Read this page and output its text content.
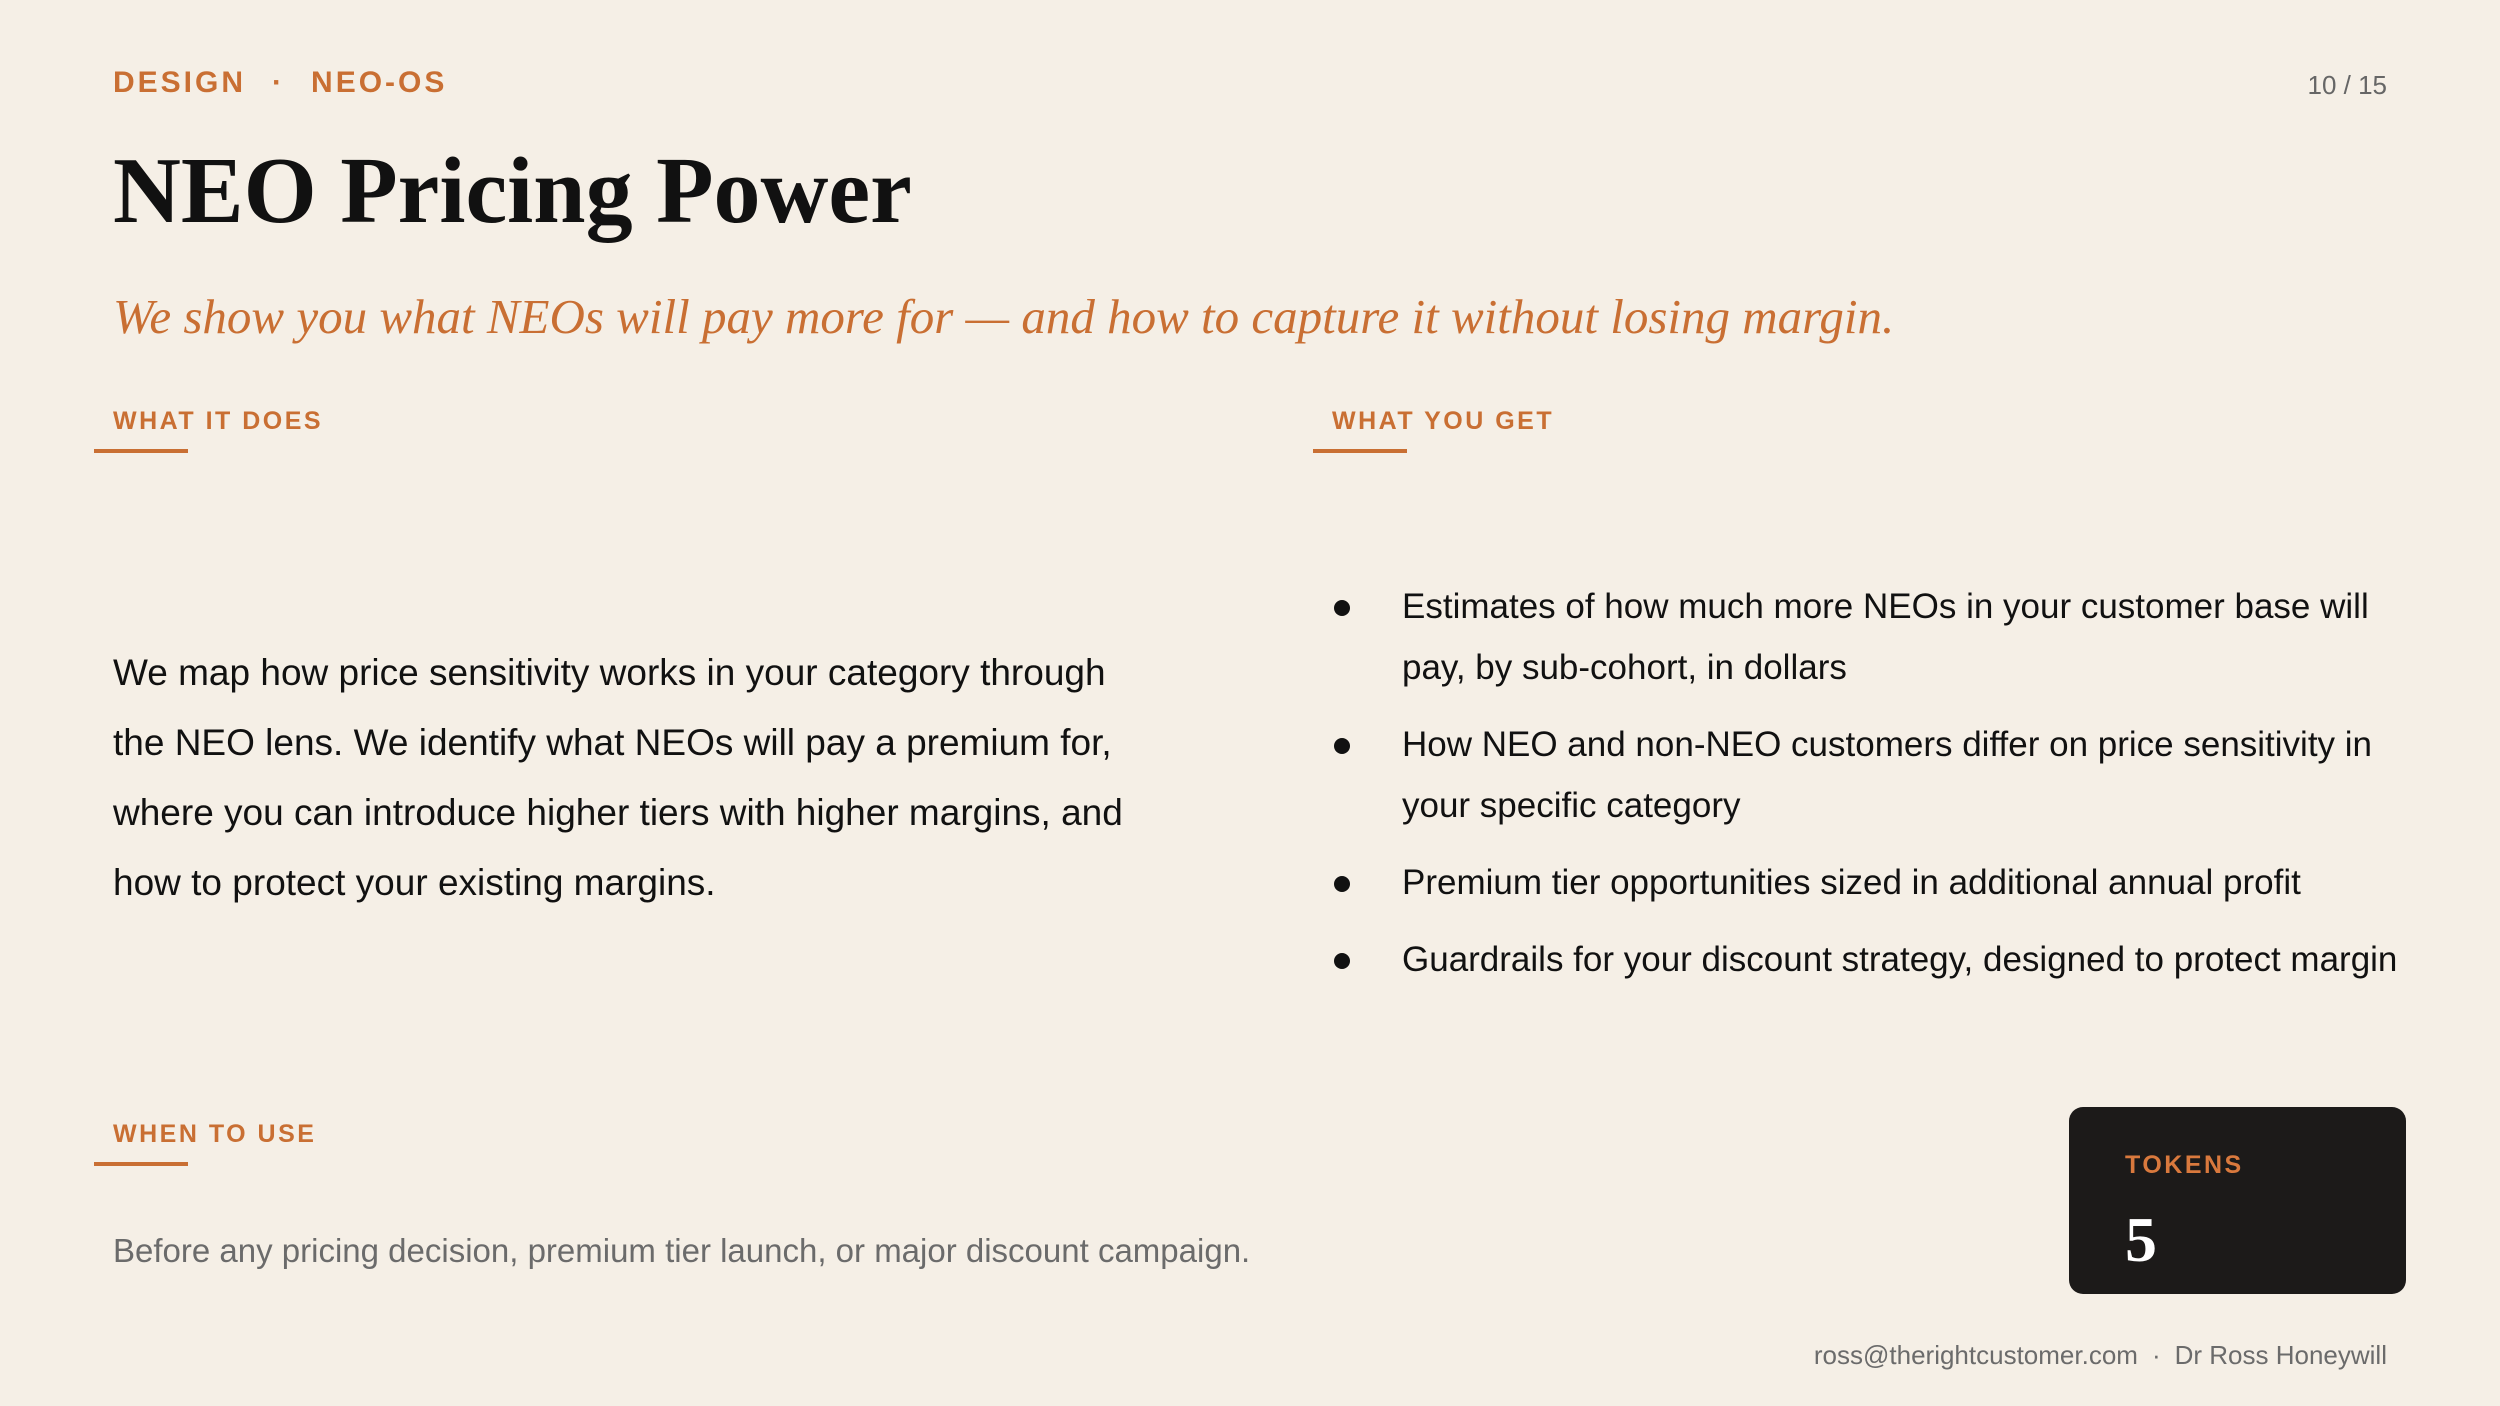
DESIGN · NEO-OS	10 / 15
NEO Pricing Power
We show you what NEOs will pay more for — and how to capture it without losing margin.
WHAT IT DOES

We map how price sensitivity works in your category through the NEO lens. We identify what NEOs will pay a premium for, where you can introduce higher tiers with higher margins, and how to protect your existing margins.

WHAT YOU GET
Estimates of how much more NEOs in your customer base will pay, by sub-cohort, in dollars
How NEO and non-NEO customers differ on price sensitivity in your specific category
Premium tier opportunities sized in additional annual profit
Guardrails for your discount strategy, designed to protect margin
WHEN TO USE

Before any pricing decision, premium tier launch, or major discount campaign.

TOKENS
5
ross@therightcustomer.com · Dr Ross Honeywill
